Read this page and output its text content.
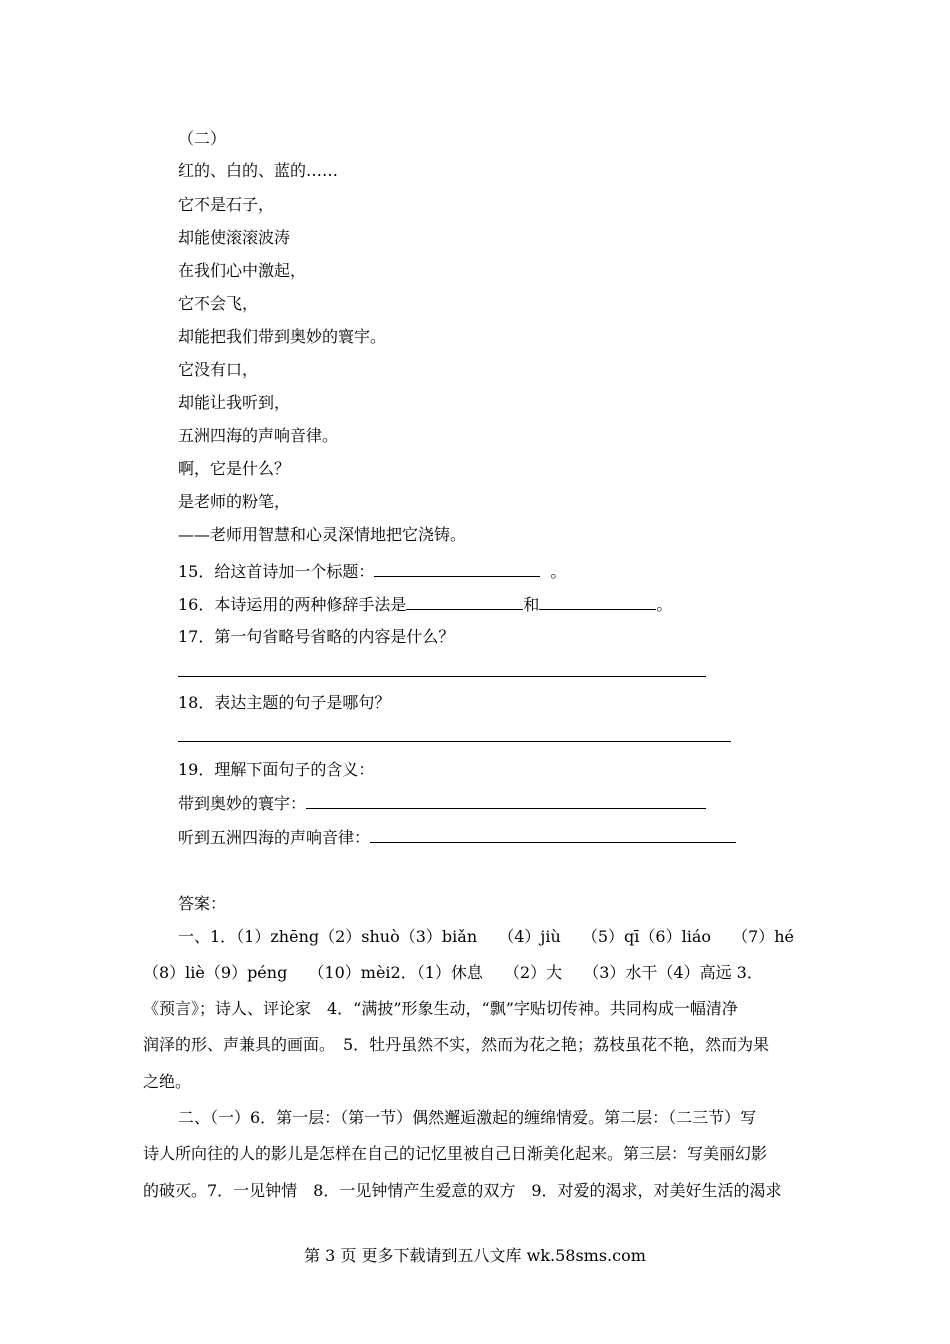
（二）
红的、白的、蓝的……
它不是石子，
却能使滚滚波涛
在我们心中激起，
它不会飞，
却能把我们带到奥妙的寰宇。
它没有口，
却能让我听到，
五洲四海的声响音律。
啊，它是什么？
是老师的粉笔，
——老师用智慧和心灵深情地把它浇铸。
15．给这首诗加一个标题：	。
16．本诗运用的两种修辞手法是	和	。
17．第一句省略号省略的内容是什么？
18．表达主题的句子是哪句？
19．理解下面句子的含义：
带到奥妙的寰宇：
听到五洲四海的声响音律：
答案：
一、1．（1）zhēng（2）shuò（3）biǎn　 （4）jiù　 （5）qī（6）liáo　 （7）hé
（8）liè（9）péng　 （10）mèi2．（1）休息　 （2）大　 （3）水干（4）高远 3．
《预言》；诗人、评论家　4．“满披”形象生动，“飘”字贴切传神。共同构成一幅清净
润泽的形、声兼具的画面。　5．牡丹虽然不实，然而为花之艳；荔枝虽花不艳，然而为果
之绝。
二、（一）6．第一层：（第一节）偶然邂逅激起的缠绵情爱。第二层：（二三节）写
诗人所向往的人的影儿是怎样在自己的记忆里被自己日渐美化起来。第三层：写美丽幻影
的破灭。7．一见钟情　8．一见钟情产生爱意的双方　9．对爱的渴求，对美好生活的渴求
第 3 页 更多下载请到五八文库 wk.58sms.com
